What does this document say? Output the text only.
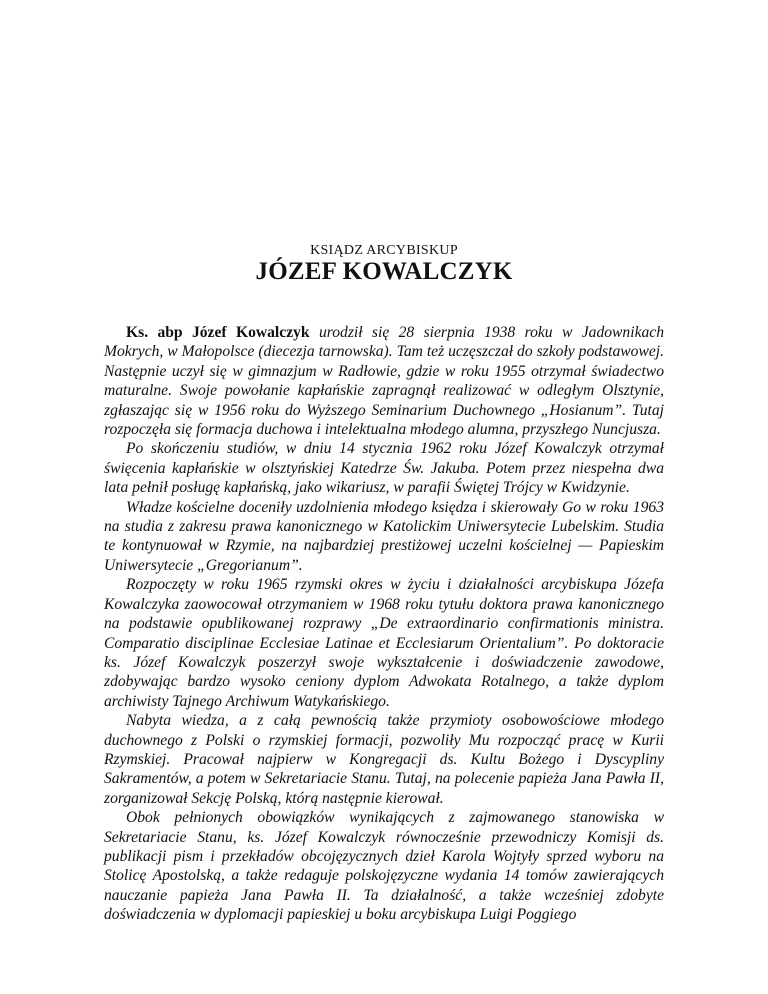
KSIĄDZ ARCYBISKUP
JÓZEF KOWALCZYK

Ks. abp Józef Kowalczyk urodził się 28 sierpnia 1938 roku w Jadownikach Mokrych, w Małopolsce (diecezja tarnowska). Tam też uczęszczał do szkoły podstawowej. Następnie uczył się w gimnazjum w Radłowie, gdzie w roku 1955 otrzymał świadectwo maturalne. Swoje powołanie kapłańskie zapragnął realizować w odległym Olsztynie, zgłaszając się w 1956 roku do Wyższego Seminarium Duchownego „Hosianum”. Tutaj rozpoczęła się formacja duchowa i intelektualna młodego alumna, przyszłego Nuncjusza.

Po skończeniu studiów, w dniu 14 stycznia 1962 roku Józef Kowalczyk otrzymał święcenia kapłańskie w olsztyńskiej Katedrze Św. Jakuba. Potem przez niespełna dwa lata pełnił posługę kapłańską, jako wikariusz, w parafii Świętej Trójcy w Kwidzynie.

Władze kościelne doceniły uzdolnienia młodego księdza i skierowały Go w roku 1963 na studia z zakresu prawa kanonicznego w Katolickim Uniwersytecie Lubelskim. Studia te kontynuował w Rzymie, na najbardziej prestiżowej uczelni kościelnej — Papieskim Uniwersytecie „Gregorianum”.

Rozpoczęty w roku 1965 rzymski okres w życiu i działalności arcybiskupa Józefa Kowalczyka zaowocował otrzymaniem w 1968 roku tytułu doktora prawa kanonicznego na podstawie opublikowanej rozprawy „De extraordinario confirmationis ministra. Comparatio disciplinae Ecclesiae Latinae et Ecclesiarum Orientalium”. Po doktoracie ks. Józef Kowalczyk poszerzył swoje wykształcenie i doświadczenie zawodowe, zdobywając bardzo wysoko ceniony dyplom Adwokata Rotalnego, a także dyplom archiwisty Tajnego Archiwum Watykańskiego.

Nabyta wiedza, a z całą pewnością także przymioty osobowościowe młodego duchownego z Polski o rzymskiej formacji, pozwoliły Mu rozpocząć pracę w Kurii Rzymskiej. Pracował najpierw w Kongregacji ds. Kultu Bożego i Dyscypliny Sakramentów, a potem w Sekretariacie Stanu. Tutaj, na polecenie papieża Jana Pawła II, zorganizował Sekcję Polską, którą następnie kierował.

Obok pełnionych obowiązków wynikających z zajmowanego stanowiska w Sekretariacie Stanu, ks. Józef Kowalczyk równocześnie przewodniczy Komisji ds. publikacji pism i przekładów obcojęzycznych dzieł Karola Wojtyły sprzed wyboru na Stolicę Apostolską, a także redaguje polskojęzyczne wydania 14 tomów zawierających nauczanie papieża Jana Pawła II. Ta działalność, a także wcześniej zdobyte doświadczenia w dyplomacji papieskiej u boku arcybiskupa Luigi Poggiego
